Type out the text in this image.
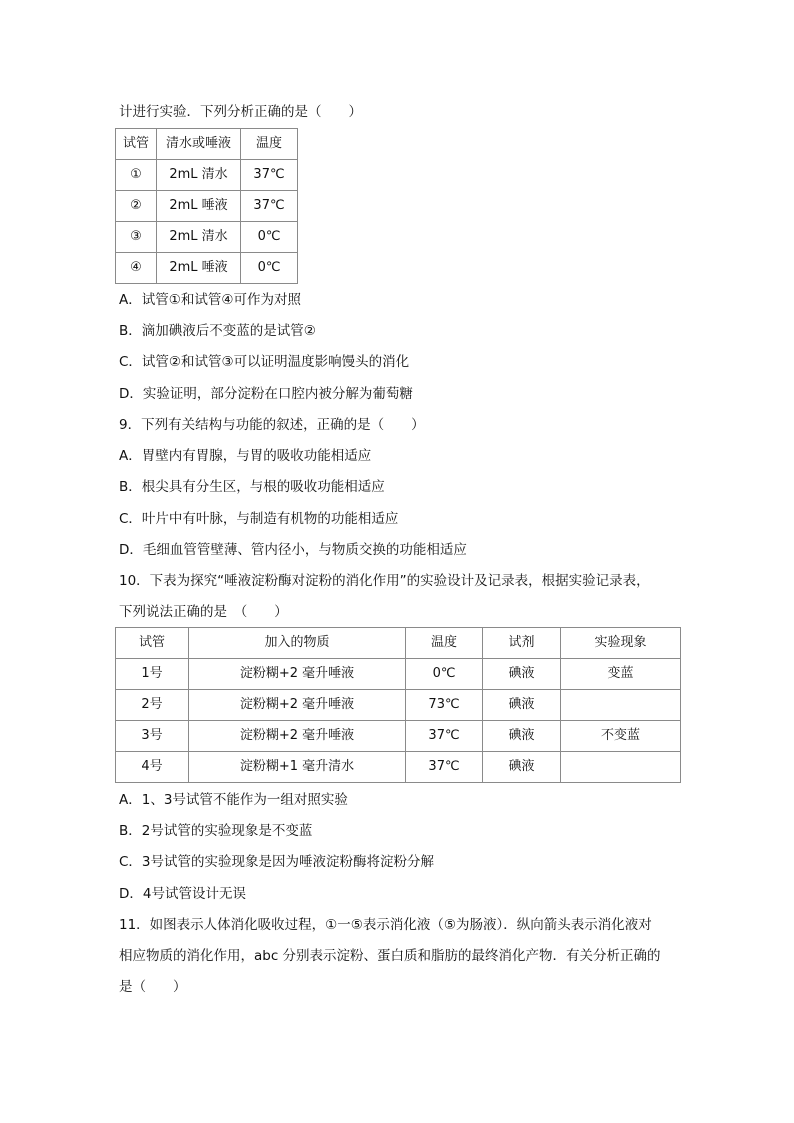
计进行实验．下列分析正确的是（　　）
试管	清水或唾液	温度
①	2mL 清水	37℃
②	2mL 唾液	37℃
③	2mL 清水	0℃
④	2mL 唾液	0℃
A．试管①和试管④可作为对照
B．滴加碘液后不变蓝的是试管②
C．试管②和试管③可以证明温度影响馒头的消化
D．实验证明，部分淀粉在口腔内被分解为葡萄糖
9．下列有关结构与功能的叙述，正确的是（　　）
A．胃壁内有胃腺，与胃的吸收功能相适应
B．根尖具有分生区，与根的吸收功能相适应
C．叶片中有叶脉，与制造有机物的功能相适应
D．毛细血管管壁薄、管内径小，与物质交换的功能相适应
10．下表为探究“唾液淀粉酶对淀粉的消化作用”的实验设计及记录表，根据实验记录表，
下列说法正确的是　（　　）
试管	加入的物质	温度	试剂	实验现象
1号	淀粉糊+2 毫升唾液	0℃	碘液	变蓝
2号	淀粉糊+2 毫升唾液	73℃	碘液	
3号	淀粉糊+2 毫升唾液	37℃	碘液	不变蓝
4号	淀粉糊+1 毫升清水	37℃	碘液	
A．1、3号试管不能作为一组对照实验
B．2号试管的实验现象是不变蓝
C．3号试管的实验现象是因为唾液淀粉酶将淀粉分解
D．4号试管设计无误
11．如图表示人体消化吸收过程，①一⑤表示消化液（⑤为肠液）．纵向箭头表示消化液对
相应物质的消化作用，abc 分别表示淀粉、蛋白质和脂肪的最终消化产物．有关分析正确的
是（　　）
